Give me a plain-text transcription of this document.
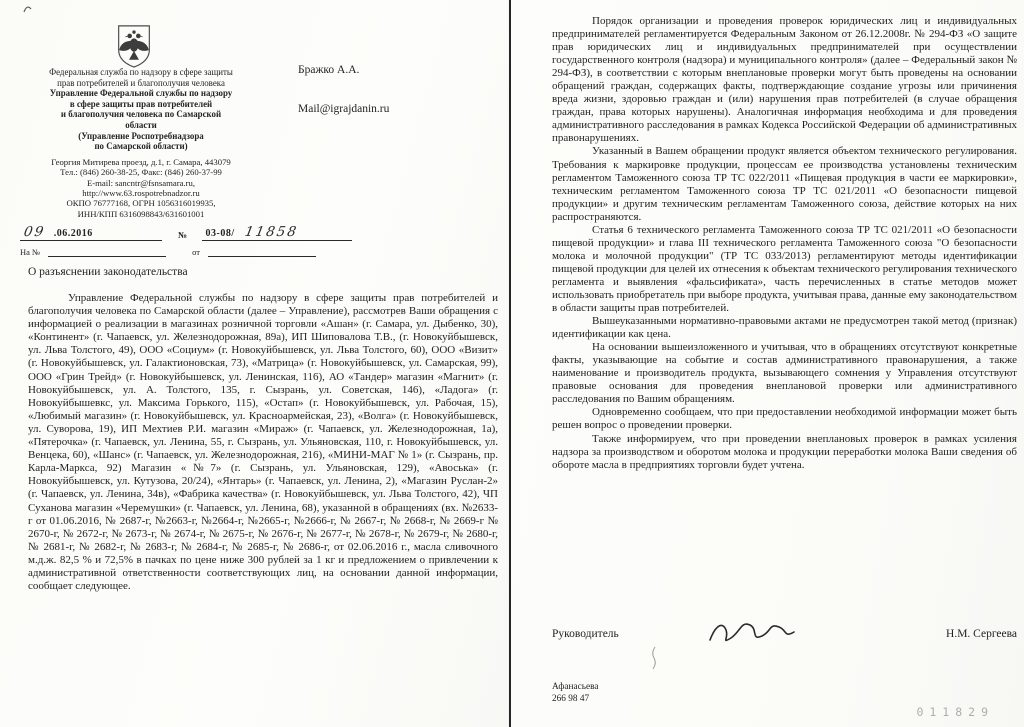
Федеральная служба по надзору в сфере защиты
прав потребителей и благополучия человека
Управление Федеральной службы по надзору
в сфере защиты прав потребителей
и благополучия человека по Самарской
области
(Управление Роспотребнадзора
по Самарской области)
Георгия Митирева проезд, д.1, г. Самара, 443079
Тел.: (846) 260-38-25, Факс: (846) 260-37-99
E-mail: sancntr@fsnsamara.ru,
http://www.63.rospotrebnadzor.ru
ОКПО 76777168, ОГРН 1056316019935,
ИНН/КПП 6316098843/631601001
Бражко А.А.
Mail@igrajdanin.ru
09 .06.2016	№	03-08/ 11858
На №
	от

О разъяснении законодательства

Управление Федеральной службы по надзору в сфере защиты прав потребителей и благополучия человека по Самарской области (далее – Управление), рассмотрев Ваши обращения с информацией о реализации в магазинах розничной торговли «Ашан» (г. Самара, ул. Дыбенко, 30), «Континент» (г. Чапаевск, ул. Железнодорожная, 89а), ИП Шиповалова Т.В., (г. Новокуйбышевск, ул. Льва Толстого, 49), ООО «Социум» (г. Новокуйбышевск, ул. Льва Толстого, 60), ООО «Визит» (г. Новокуйбышевск, ул. Галактионовская, 73), «Матрица» (г. Новокуйбышевск, ул. Самарская, 99), ООО «Грин Трейд» (г. Новокуйбышевск, ул. Ленинская, 116), АО «Тандер» магазин «Магнит» (г. Новокуйбышевск, ул. А. Толстого, 135, г. Сызрань, ул. Советская, 146), «Ладога» (г. Новокуйбышевкс, ул. Максима Горького, 115), «Остап» (г. Новокуйбышевск, ул. Рабочая, 15), «Любимый магазин» (г. Новокуйбышевск, ул. Красноармейская, 23), «Волга» (г. Новокуйбышевск, ул. Суворова, 19), ИП Мехтиев Р.И. магазин «Мираж» (г. Чапаевск, ул. Железнодорожная, 1а), «Пятерочка» (г. Чапаевск, ул. Ленина, 55, г. Сызрань, ул. Ульяновская, 110, г. Новокуйбышевск, ул. Венцека, 60), «Шанс» (г. Чапаевск, ул. Железнодорожная, 216), «МИНИ-МАГ № 1» (г. Сызрань, пр. Карла-Маркса, 92) Магазин «№7» (г. Сызрань, ул. Ульяновская, 129), «Авоська» (г. Новокуйбышевск, ул. Кутузова, 20/24), «Янтарь» (г. Чапаевск, ул. Ленина, 2), «Магазин Руслан-2» (г. Чапаевск, ул. Ленина, 34в), «Фабрика качества» (г. Новокуйбышевск, ул. Льва Толстого, 42), ЧП Суханова магазин «Черемушки» (г. Чапаевск, ул. Ленина, 68), указанной в обращениях (вх. №2633-г от 01.06.2016, № 2687-г, №2663-г, №2664-г, №2665-г, №2666-г, № 2667-г, № 2668-г, № 2669-г № 2670-г, № 2672-г, № 2673-г, № 2674-г, № 2675-г, № 2676-г, № 2677-г, № 2678-г, № 2679-г, № 2680-г, № 2681-г, № 2682-г, № 2683-г, № 2684-г, № 2685-г, № 2686-г, от 02.06.2016 г., масла сливочного м.д.ж. 82,5 % и 72,5% в пачках по цене ниже 300 рублей за 1 кг и предложением о привлечении к административной ответственности соответствующих лиц, на основании данной информации, сообщает следующее.

Порядок организации и проведения проверок юридических лиц и индивидуальных предпринимателей регламентируется Федеральным Законом от 26.12.2008г. № 294-ФЗ «О защите прав юридических лиц и индивидуальных предпринимателей при осуществлении государственного контроля (надзора) и муниципального контроля» (далее – Федеральный закон № 294-ФЗ), в соответствии с которым внеплановые проверки могут быть проведены на основании обращений граждан, содержащих факты, подтверждающие создание угрозы или причинения вреда жизни, здоровью граждан и (или) нарушения прав потребителей (в случае обращения граждан, права которых нарушены). Аналогичная информация необходима и для проведения административного расследования в рамках Кодекса Российской Федерации об административных правонарушениях.

Указанный в Вашем обращении продукт является объектом технического регулирования. Требования к маркировке продукции, процессам ее производства установлены техническим регламентом Таможенного союза ТР ТС 022/2011 «Пищевая продукция в части ее маркировки», техническим регламентом Таможенного союза ТР ТС 021/2011 «О безопасности пищевой продукции» и другим техническим регламентам Таможенного союза, действие которых на них распространяются.

Статья 6 технического регламента Таможенного союза ТР ТС 021/2011 «О безопасности пищевой продукции» и глава III технического регламента Таможенного союза "О безопасности молока и молочной продукции" (ТР ТС 033/2013) регламентируют методы идентификации пищевой продукции для целей их отнесения к объектам технического регулирования технического регламента и выявления «фальсификата», часть перечисленных в статье методов может использовать приобретатель при выборе продукта, учитывая права, данные ему законодательством в области защиты прав потребителей.

Вышеуказанными нормативно-правовыми актами не предусмотрен такой метод (признак) идентификации как цена.

На основании вышеизложенного и учитывая, что в обращениях отсутствуют конкретные факты, указывающие на событие и состав административного правонарушения, а также наименование и производитель продукта, вызывающего сомнения у Управления отсутствуют правовые основания для проведения внеплановой проверки или административного расследования по Вашим обращениям.

Одновременно сообщаем, что при предоставлении необходимой информации может быть решен вопрос о проведении проверки.

Также информируем, что при проведении внеплановых проверок в рамках усиления надзора за производством и оборотом молока и продукции переработки молока Ваши сведения об обороте масла в предприятиях торговли будет учтена.

Руководитель	Н.М. Сергеева
Афанасьева
266 98 47
011829
